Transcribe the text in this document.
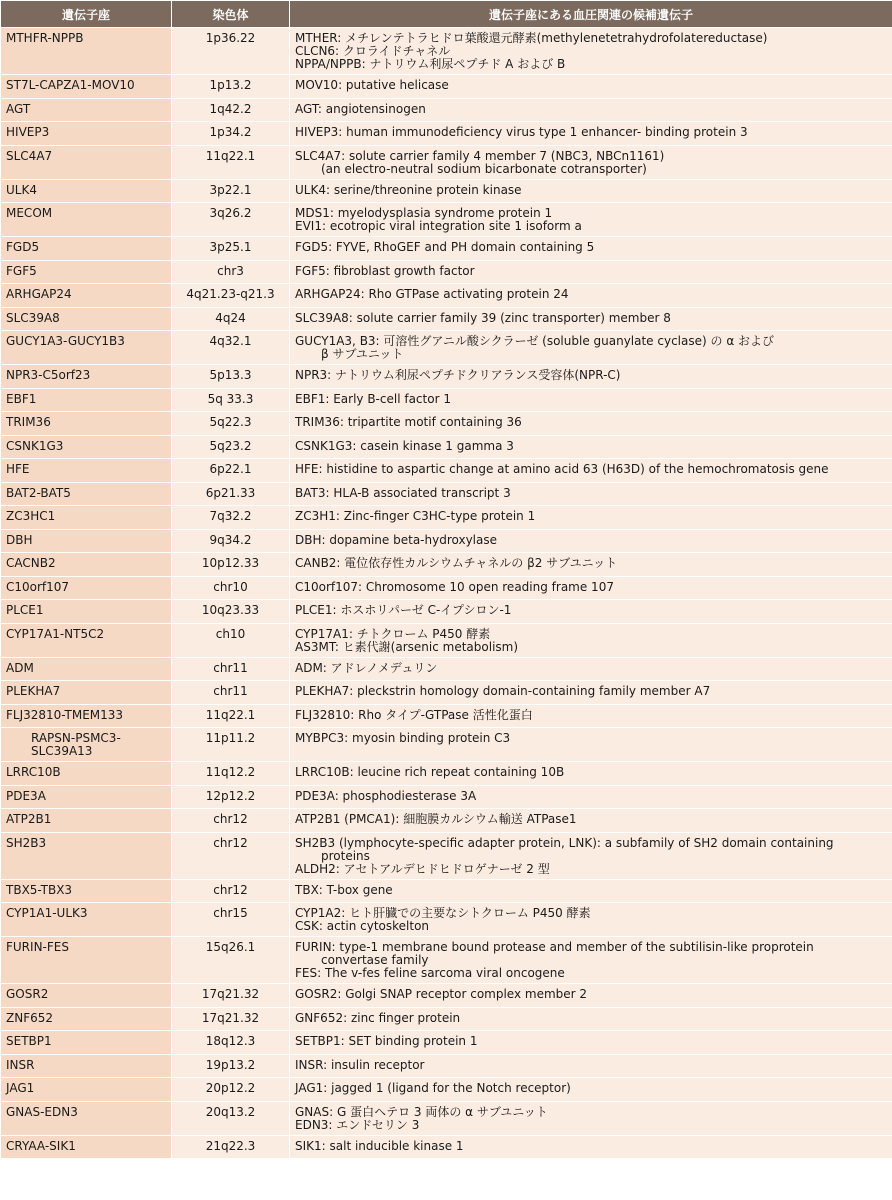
遺伝子座	染色体	遺伝子座にある血圧関連の候補遺伝子
MTHFR-NPPB	1p36.22	MTHER: メチレンテトラヒドロ葉酸還元酵素(methylenetetrahydrofolatereductase)
CLCN6: クロライドチャネル
NPPA/NPPB: ナトリウム利尿ペプチド A および B

ST7L-CAPZA1-MOV10	1p13.2	MOV10: putative helicase

AGT	1q42.2	AGT: angiotensinogen

HIVEP3	1p34.2	HIVEP3: human immunodeficiency virus type 1 enhancer- binding protein 3

SLC4A7	11q22.1	SLC4A7: solute carrier family 4 member 7 (NBC3, NBCn1161)
(an electro-neutral sodium bicarbonate cotransporter)

ULK4	3p22.1	ULK4: serine/threonine protein kinase

MECOM	3q26.2	MDS1: myelodysplasia syndrome protein 1
EVI1: ecotropic viral integration site 1 isoform a

FGD5	3p25.1	FGD5: FYVE, RhoGEF and PH domain containing 5

FGF5	chr3	FGF5: fibroblast growth factor

ARHGAP24	4q21.23-q21.3	ARHGAP24: Rho GTPase activating protein 24

SLC39A8	4q24	SLC39A8: solute carrier family 39 (zinc transporter) member 8

GUCY1A3-GUCY1B3	4q32.1	GUCY1A3, B3: 可溶性グアニル酸シクラーゼ (soluble guanylate cyclase) の α および
β サブユニット

NPR3-C5orf23	5p13.3	NPR3: ナトリウム利尿ペプチドクリアランス受容体(NPR-C)

EBF1	5q 33.3	EBF1: Early B-cell factor 1

TRIM36	5q22.3	TRIM36: tripartite motif containing 36

CSNK1G3	5q23.2	CSNK1G3: casein kinase 1 gamma 3

HFE	6p22.1	HFE: histidine to aspartic change at amino acid 63 (H63D) of the hemochromatosis gene

BAT2-BAT5	6p21.33	BAT3: HLA-B associated transcript 3

ZC3HC1	7q32.2	ZC3H1: Zinc-finger C3HC-type protein 1

DBH	9q34.2	DBH: dopamine beta-hydroxylase

CACNB2	10p12.33	CANB2: 電位依存性カルシウムチャネルの β2 サブユニット

C10orf107	chr10	C10orf107: Chromosome 10 open reading frame 107

PLCE1	10q23.33	PLCE1: ホスホリパーゼ C-イプシロン-1

CYP17A1-NT5C2	ch10	CYP17A1: チトクローム P450 酵素
AS3MT: ヒ素代謝(arsenic metabolism)

ADM	chr11	ADM: アドレノメデュリン

PLEKHA7	chr11	PLEKHA7: pleckstrin homology domain-containing family member A7

FLJ32810-TMEM133	11q22.1	FLJ32810: Rho タイプ-GTPase 活性化蛋白

RAPSN-PSMC3-SLC39A13	11p11.2	MYBPC3: myosin binding protein C3

LRRC10B	11q12.2	LRRC10B: leucine rich repeat containing 10B

PDE3A	12p12.2	PDE3A: phosphodiesterase 3A

ATP2B1	chr12	ATP2B1 (PMCA1): 細胞膜カルシウム輸送 ATPase1

SH2B3	chr12	SH2B3 (lymphocyte-specific adapter protein, LNK): a subfamily of SH2 domain containing
proteins
ALDH2: アセトアルデヒドヒドロゲナーゼ 2 型

TBX5-TBX3	chr12	TBX: T-box gene

CYP1A1-ULK3	chr15	CYP1A2: ヒト肝臓での主要なシトクローム P450 酵素
CSK: actin cytoskelton

FURIN-FES	15q26.1	FURIN: type-1 membrane bound protease and member of the subtilisin-like proprotein
convertase family
FES: The v-fes feline sarcoma viral oncogene

GOSR2	17q21.32	GOSR2: Golgi SNAP receptor complex member 2

ZNF652	17q21.32	GNF652: zinc finger protein

SETBP1	18q12.3	SETBP1: SET binding protein 1

INSR	19p13.2	INSR: insulin receptor

JAG1	20p12.2	JAG1: jagged 1 (ligand for the Notch receptor)

GNAS-EDN3	20q13.2	GNAS: G 蛋白ヘテロ 3 両体の α サブユニット
EDN3: エンドセリン 3

CRYAA-SIK1	21q22.3	SIK1: salt inducible kinase 1
